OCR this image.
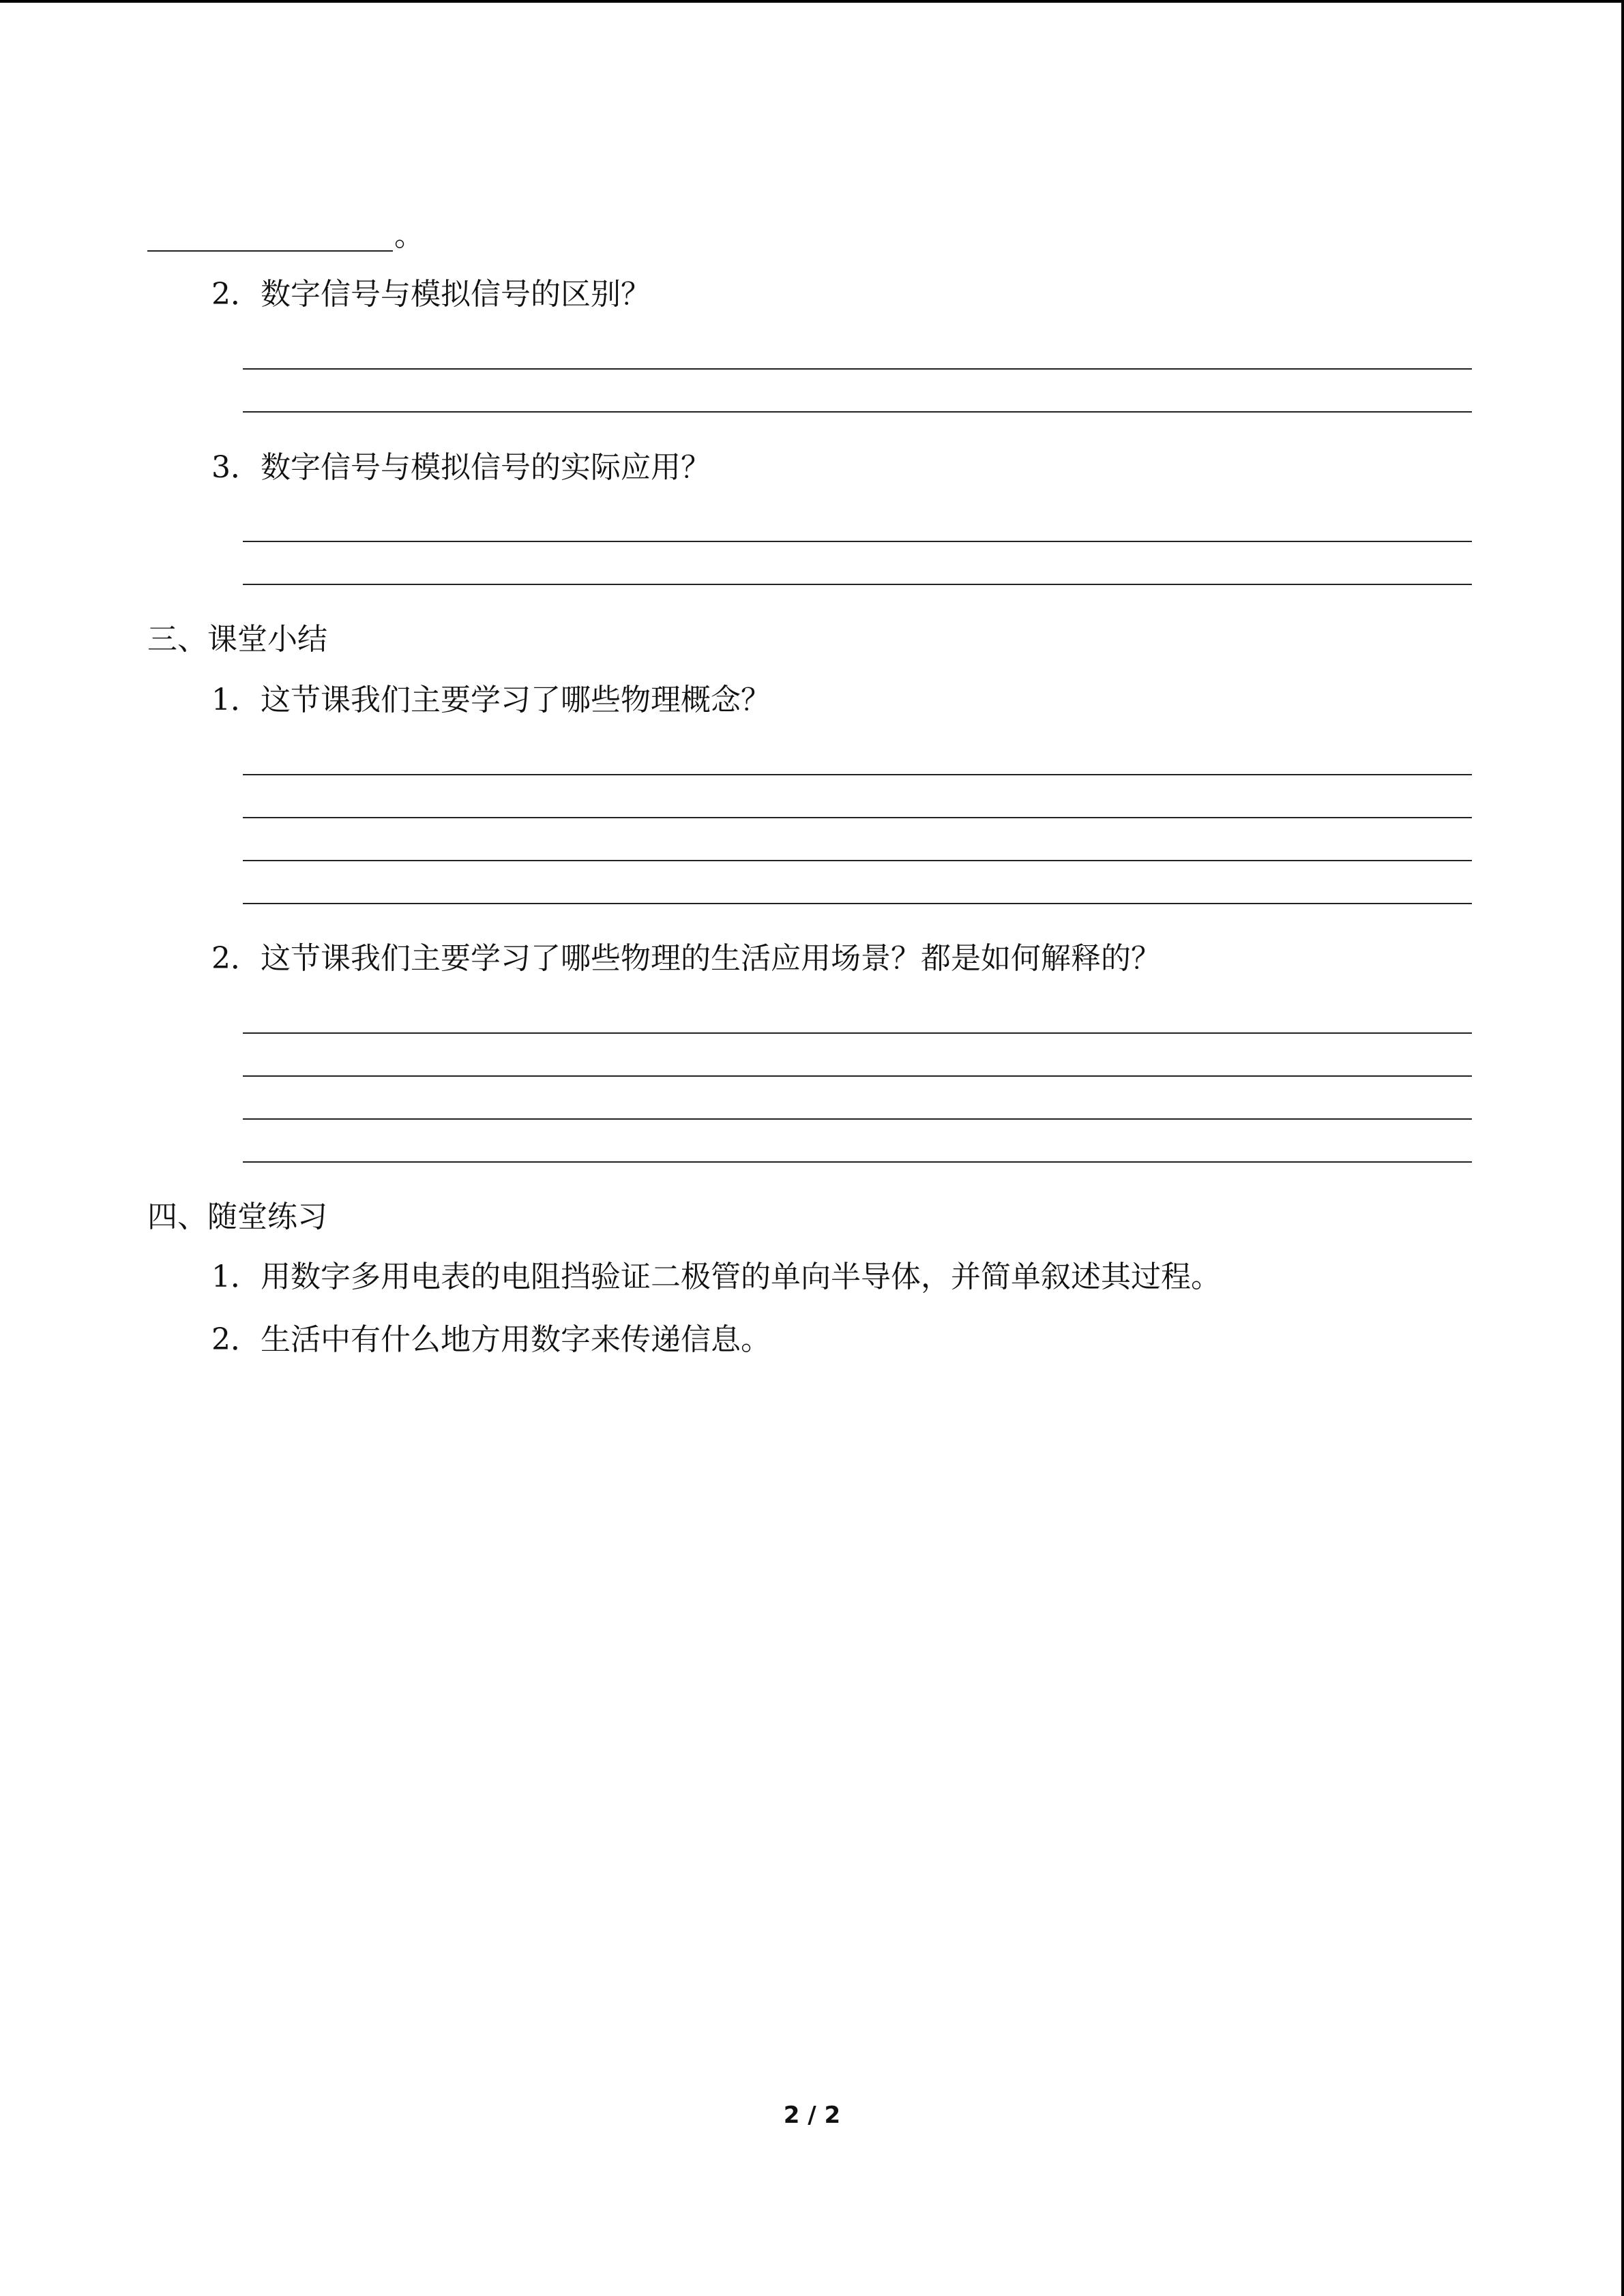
。
2．数字信号与模拟信号的区别？
3．数字信号与模拟信号的实际应用？
三、课堂小结
1．这节课我们主要学习了哪些物理概念？
2．这节课我们主要学习了哪些物理的生活应用场景？都是如何解释的？
四、随堂练习
1．用数字多用电表的电阻挡验证二极管的单向半导体，并简单叙述其过程。
2．生活中有什么地方用数字来传递信息。
2 / 2
